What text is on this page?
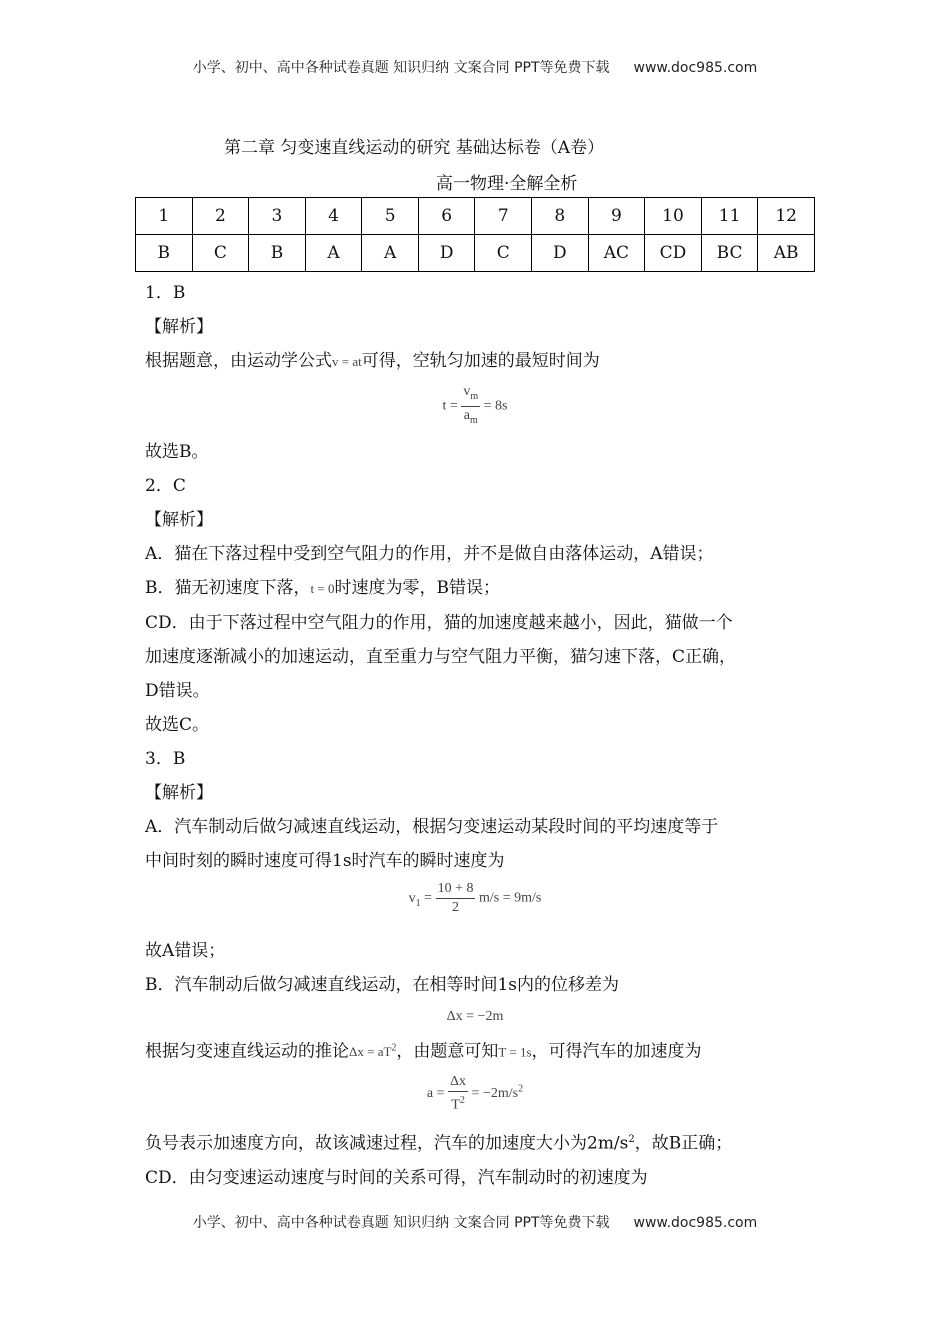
小学、初中、高中各种试卷真题 知识归纳 文案合同 PPT等免费下载 www.doc985.com
第二章 匀变速直线运动的研究 基础达标卷（A卷）
高一物理·全解全析
1	2	3	4	5	6	7	8	9	10	11	12
B	C	B	A	A	D	C	D	AC	CD	BC	AB

1．B

【解析】

根据题意，由运动学公式v = at可得，空轨匀加速的最短时间为

$t = \frac{v_m}{a_m} = 8s$

故选B。

2．C

【解析】

A．猫在下落过程中受到空气阻力的作用，并不是做自由落体运动，A错误；

B．猫无初速度下落，t = 0时速度为零，B错误；

CD．由于下落过程中空气阻力的作用，猫的加速度越来越小，因此，猫做一个

加速度逐渐减小的加速运动，直至重力与空气阻力平衡，猫匀速下落，C正确，

D错误。

故选C。

3．B

【解析】

A．汽车制动后做匀减速直线运动，根据匀变速运动某段时间的平均速度等于

中间时刻的瞬时速度可得1s时汽车的瞬时速度为

$v_1 = \frac{10 + 8}{2} m/s = 9m/s$

故A错误；

B．汽车制动后做匀减速直线运动，在相等时间1s内的位移差为

Δx = −2m

根据匀变速直线运动的推论$\Delta x = aT^2$，由题意可知T = 1s，可得汽车的加速度为

$a = \frac{\Delta x}{T^2} = -2m/s^2$

负号表示加速度方向，故该减速过程，汽车的加速度大小为$2m/s^2$，故B正确；

CD．由匀变速运动速度与时间的关系可得，汽车制动时的初速度为

小学、初中、高中各种试卷真题 知识归纳 文案合同 PPT等免费下载 www.doc985.com
